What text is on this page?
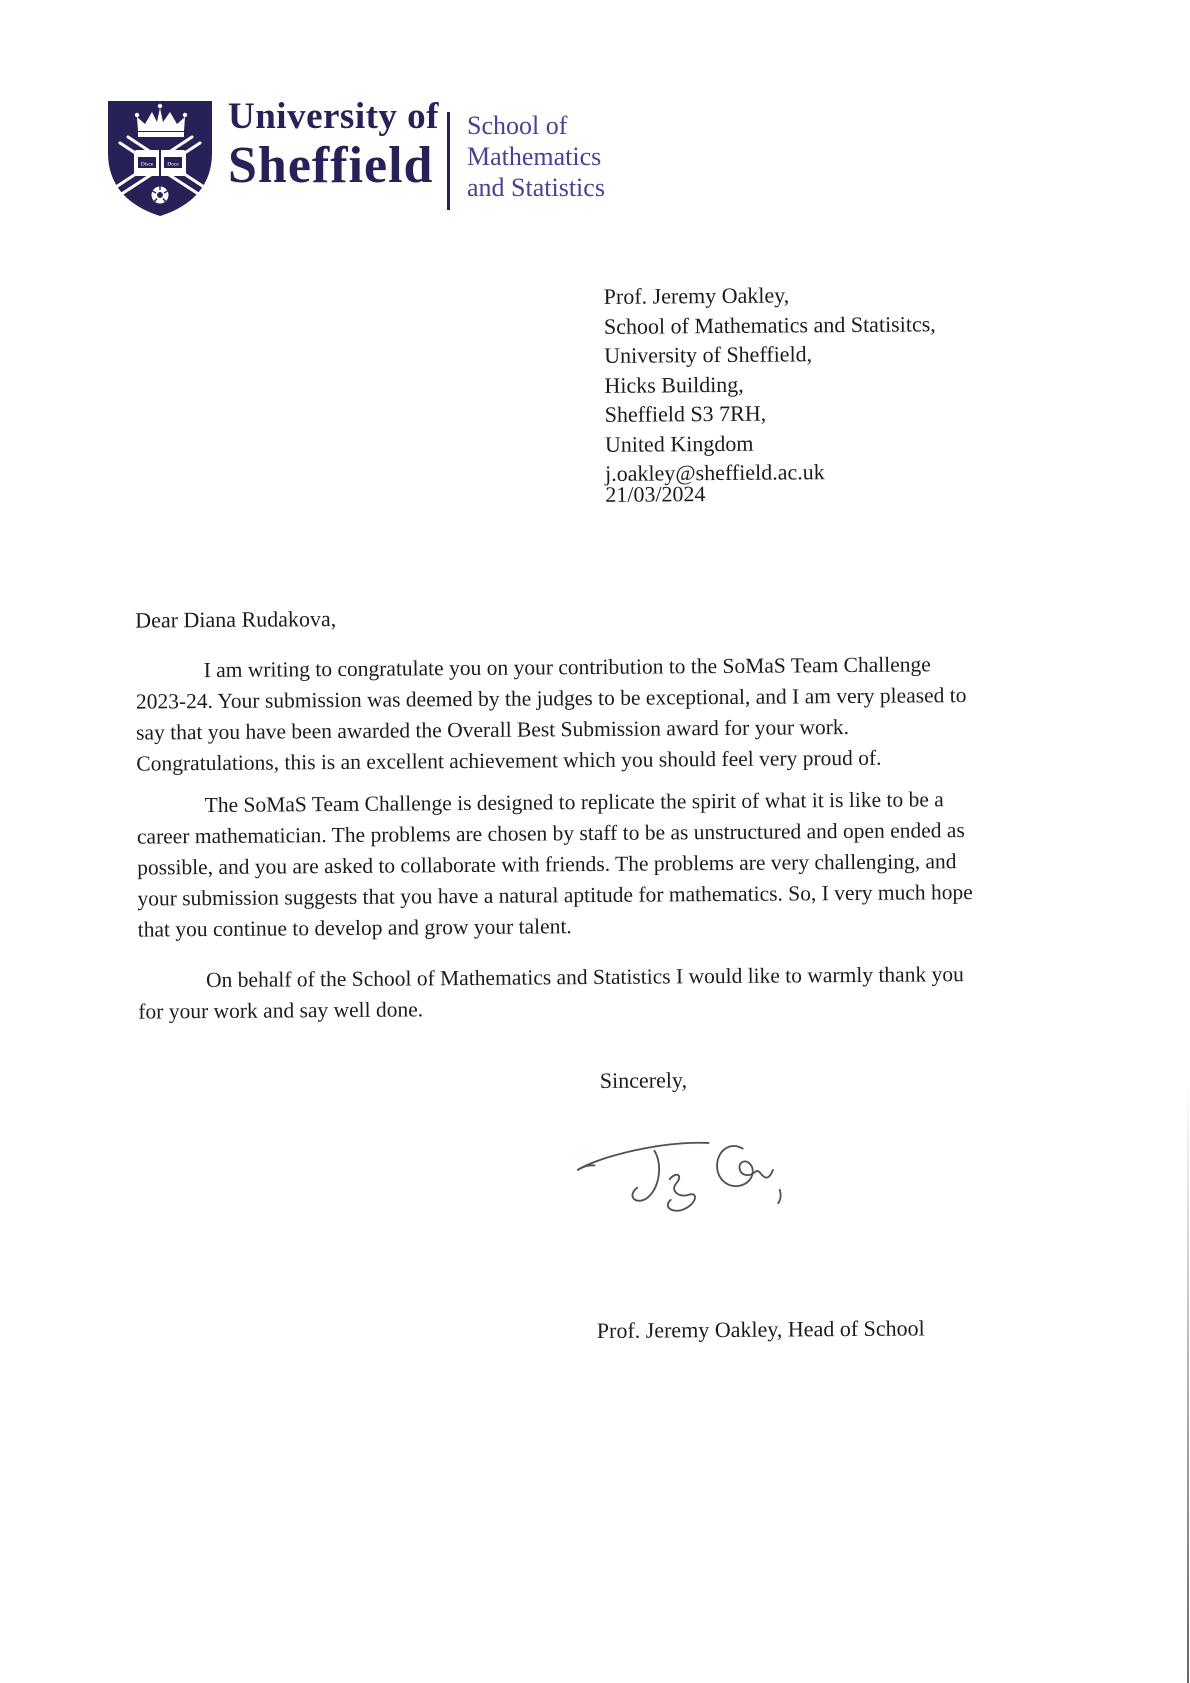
Disce	Doce
University of
Sheffield
School of
Mathematics
and Statistics
Prof. Jeremy Oakley,
School of Mathematics and Statisitcs,
University of Sheffield,
Hicks Building,
Sheffield S3 7RH,
United Kingdom
j.oakley@sheffield.ac.uk
21/03/2024
Dear Diana Rudakova,

I am writing to congratulate you on your contribution to the SoMaS Team Challenge 2023-24. Your submission was deemed by the judges to be exceptional, and I am very pleased to say that you have been awarded the Overall Best Submission award for your work. Congratulations, this is an excellent achievement which you should feel very proud of.

The SoMaS Team Challenge is designed to replicate the spirit of what it is like to be a career mathematician. The problems are chosen by staff to be as unstructured and open ended as possible, and you are asked to collaborate with friends. The problems are very challenging, and your submission suggests that you have a natural aptitude for mathematics. So, I very much hope that you continue to develop and grow your talent.

On behalf of the School of Mathematics and Statistics I would like to warmly thank you for your work and say well done.

Sincerely,
Prof. Jeremy Oakley, Head of School
